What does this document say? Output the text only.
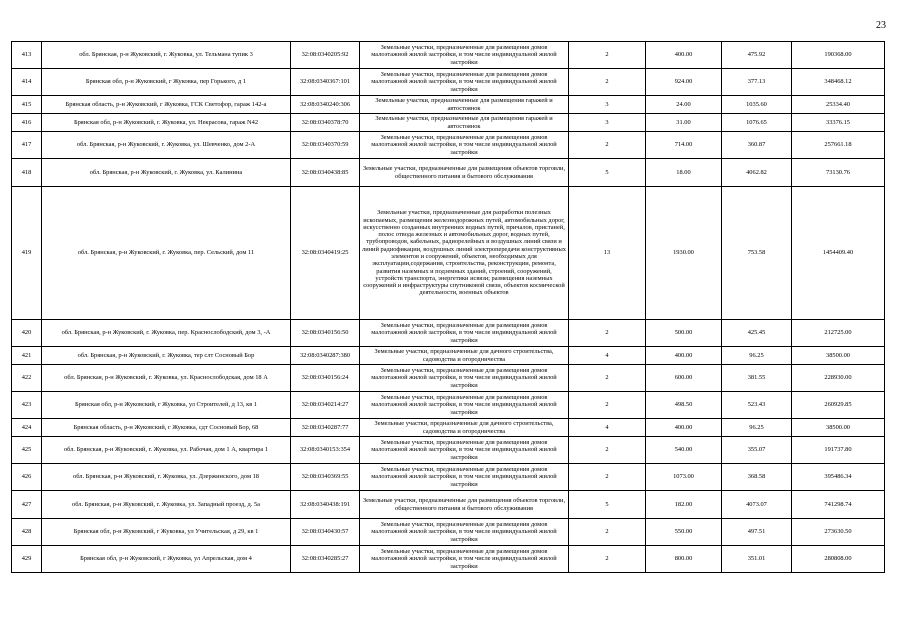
23
413	обл. Брянская, р-н Жуковский, г. Жуковка, ул. Тельмана тупик 3	32:08:0340205:92	Земельные участки, предназначенные для размещения домов малоэтажной жилой застройки, в том числе индивидуальной жилой застройки	2	400.00	475.92	190368.00
414	Брянская обл, р-н Жуковский, г Жуковка, пер Горького, д 1	32:08:0340367:101	Земельные участки, предназначенные для размещения домов малоэтажной жилой застройки, в том числе индивидуальной жилой застройки	2	924.00	377.13	348468.12
415	Брянская область, р-н Жуковский, г Жуковка, ГСК Светофор, гараж 142-а	32:08:0340240:306	Земельные участки, предназначенные для размещения гаражей и автостоянок	3	24.00	1035.60	25334.40
416	Брянская обл, р-н Жуковский, г. Жуковка, ул. Некрасова, гараж N42	32:08:0340378:70	Земельные участки, предназначенные для размещения гаражей и автостоянок	3	31.00	1076.65	33376.15
417	обл. Брянская, р-н Жуковский, г. Жуковка, ул. Шевченко, дом 2-А	32:08:0340370:59	Земельные участки, предназначенные для размещения домов малоэтажной жилой застройки, в том числе индивидуальной жилой застройки	2	714.00	360.87	257661.18
418	обл. Брянская, р-н Жуковский, г. Жуковка, ул. Калинина	32:08:0340438:85	Земельные участки, предназначенные для размещения объектов торговли, общественного питания и бытового обслуживания	5	18.00	4062.82	73130.76
419	обл. Брянская, р-н Жуковский, г. Жуковка, пер. Сельский, дом 11	32:08:0340419:25	Земельные участки, предназначенные для разработки полезных ископаемых, размещения железнодорожных путей, автомобильных дорог, искусственно созданных внутренних водных путей, причалов, пристаней, полос отвода железных и автомобильных дорог, водных путей, трубопроводов, кабельных, радиорелейных и воздушных линий связи и линий радиофикации, воздушных линий электропередачи конструктивных элементов и сооружений, объектов, необходимых для эксплуатации,содержания, строительства, реконструкции, ремонта, развития наземных и подземных зданий, строений, сооружений, устройств транспорта, энергетики исвязи; размещения наземных сооружений и инфраструктуры спутниковой связи, объектов космической деятельности, военных объектов	13	1930.00	753.58	1454409.40
420	обл. Брянская, р-н Жуковский, г. Жуковка, пер. Краснослободский, дом 3, -А	32:08:0340156:50	Земельные участки, предназначенные для размещения домов малоэтажной жилой застройки, в том числе индивидуальной жилой застройки	2	500.00	425.45	212725.00
421	обл. Брянская, р-н Жуковский, г. Жуковка, тер слт Сосновый Бор	32:08:0340287:380	Земельные участки, предназначенные для дачного строительства, садоводства и огородничества	4	400.00	96.25	38500.00
422	обл. Брянская, р-н Жуковский, г. Жуковка, ул. Краснослободская, дом 18 А	32:08:0340156:24	Земельные участки, предназначенные для размещения домов малоэтажной жилой застройки, в том числе индивидуальной жилой застройки	2	600.00	381.55	228930.00
423	Брянская обл, р-н Жуковский, г Жуковка, ул Строителей, д 13, кв 1	32:08:0340214:27	Земельные участки, предназначенные для размещения домов малоэтажной жилой застройки, в том числе индивидуальной жилой застройки	2	498.50	523.43	260929.85
424	Брянская область, р-н Жуковский, г Жуковка, сдт Сосновый Бор, 68	32:08:0340287:77	Земельные участки, предназначенные для дачного строительства, садоводства и огородничества	4	400.00	96.25	38500.00
425	обл. Брянская, р-н Жуковский, г. Жуковка, ул. Рабочая, дом 1 А, квартира 1	32:08:0340153:354	Земельные участки, предназначенные для размещения домов малоэтажной жилой застройки, в том числе индивидуальной жилой застройки	2	540.00	355.07	191737.80
426	обл. Брянская, р-н Жуковский, г. Жуковка, ул. Дзержинского, дом 18	32:08:0340369:55	Земельные участки, предназначенные для размещения домов малоэтажной жилой застройки, в том числе индивидуальной жилой застройки	2	1073.00	368.58	395486.34
427	обл. Брянская, р-н Жуковский, г. Жуковка, ул. Западный проезд, д. 5а	32:08:0340438:191	Земельные участки, предназначенные для размещения объектов торговли, общественного питания и бытового обслуживания	5	182.00	4073.07	741298.74
428	Брянская обл, р-н Жуковский, г Жуковка, ул Учительская, д 29, кв 1	32:08:0340430:57	Земельные участки, предназначенные для размещения домов малоэтажной жилой застройки, в том числе индивидуальной жилой застройки	2	550.00	497.51	273630.50
429	Брянская обл, р-н Жуковский, г Жуковка, ул Апрельская, дом 4	32:08:0340285:27	Земельные участки, предназначенные для размещения домов малоэтажной жилой застройки, в том числе индивидуальной жилой застройки	2	800.00	351.01	280808.00
